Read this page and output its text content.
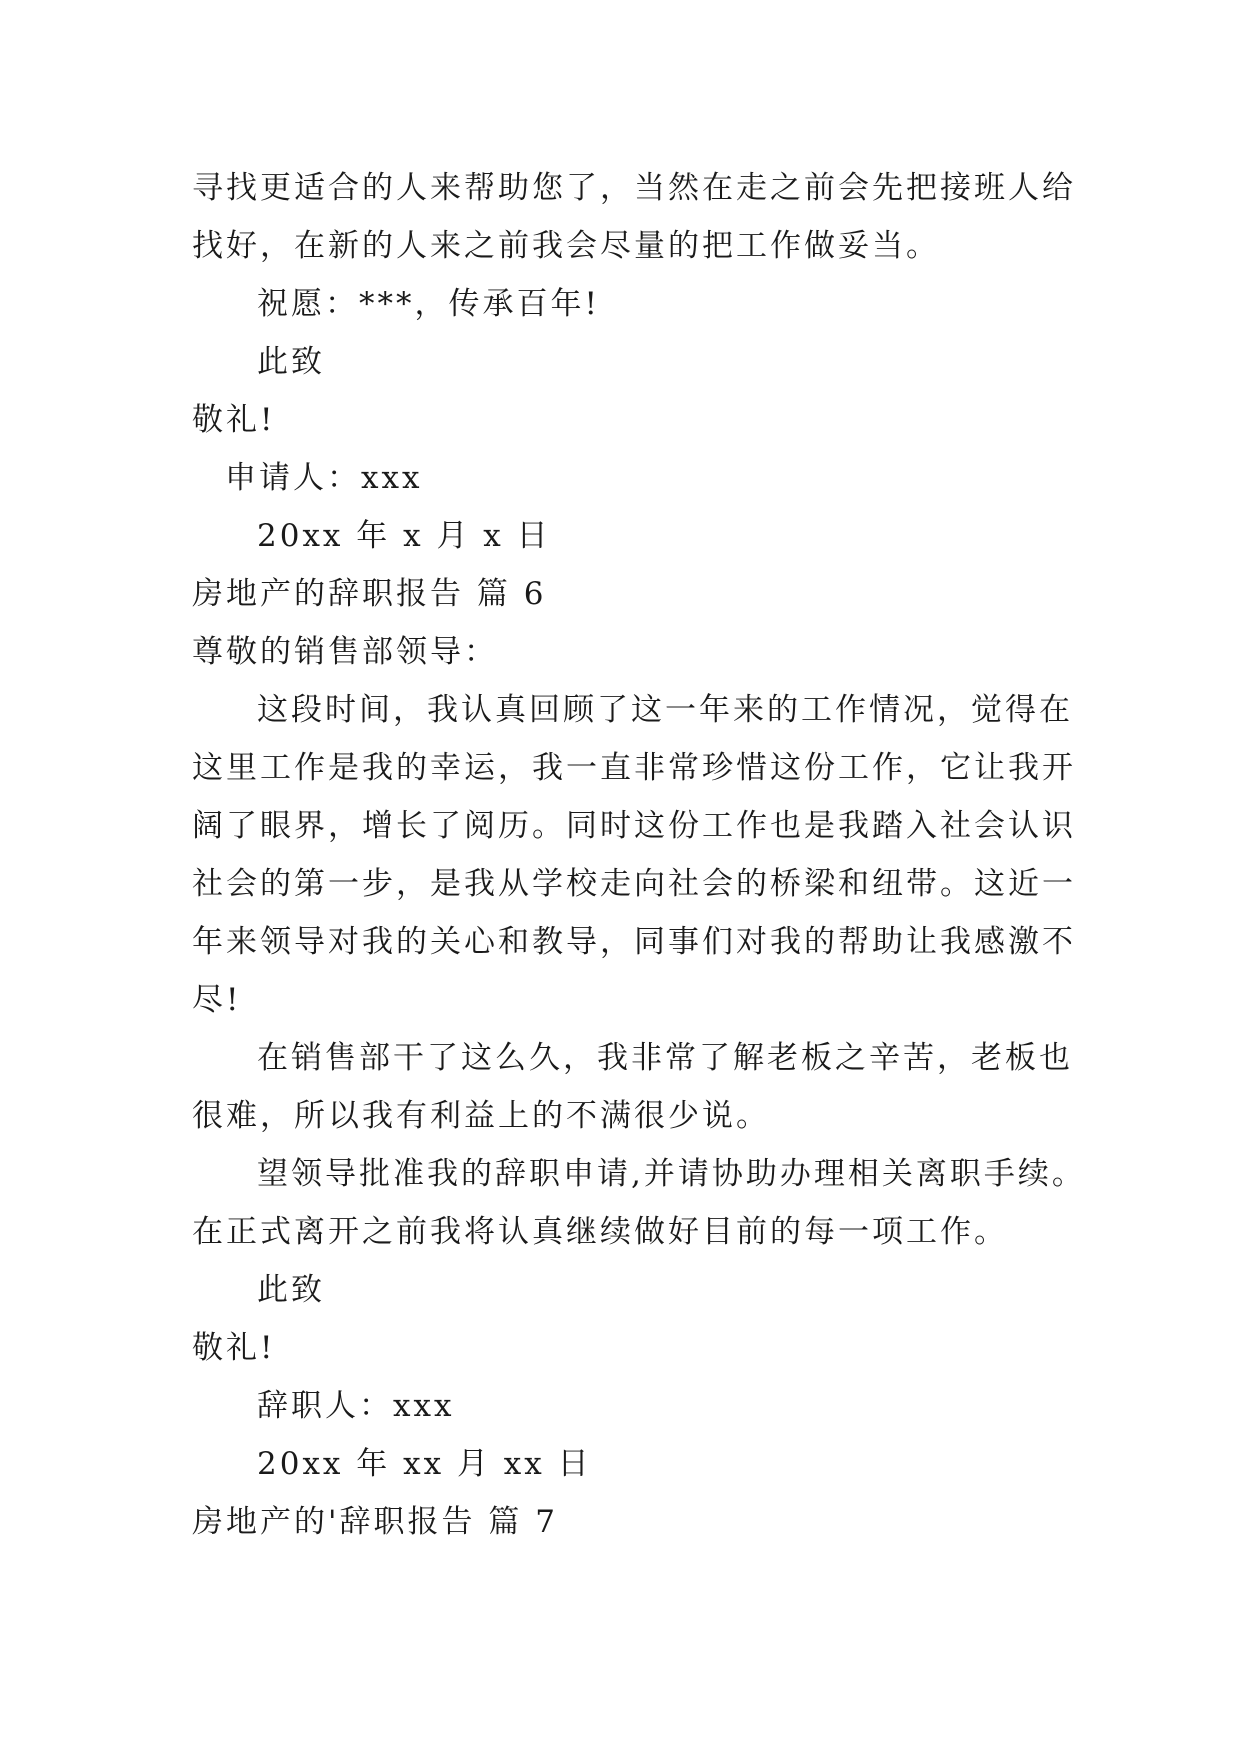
寻找更适合的人来帮助您了，当然在走之前会先把接班人给
找好，在新的人来之前我会尽量的把工作做妥当。
祝愿：***，传承百年!
此致
敬礼!
申请人：xxx
20xx 年 x 月 x 日
房地产的辞职报告 篇 6
尊敬的销售部领导：
这段时间，我认真回顾了这一年来的工作情况，觉得在
这里工作是我的幸运，我一直非常珍惜这份工作，它让我开
阔了眼界，增长了阅历。同时这份工作也是我踏入社会认识
社会的第一步，是我从学校走向社会的桥梁和纽带。这近一
年来领导对我的关心和教导，同事们对我的帮助让我感激不
尽!
在销售部干了这么久，我非常了解老板之辛苦，老板也
很难，所以我有利益上的不满很少说。
望领导批准我的辞职申请,并请协助办理相关离职手续。
在正式离开之前我将认真继续做好目前的每一项工作。
此致
敬礼!
辞职人：xxx
20xx 年 xx 月 xx 日
房地产的'辞职报告 篇 7
